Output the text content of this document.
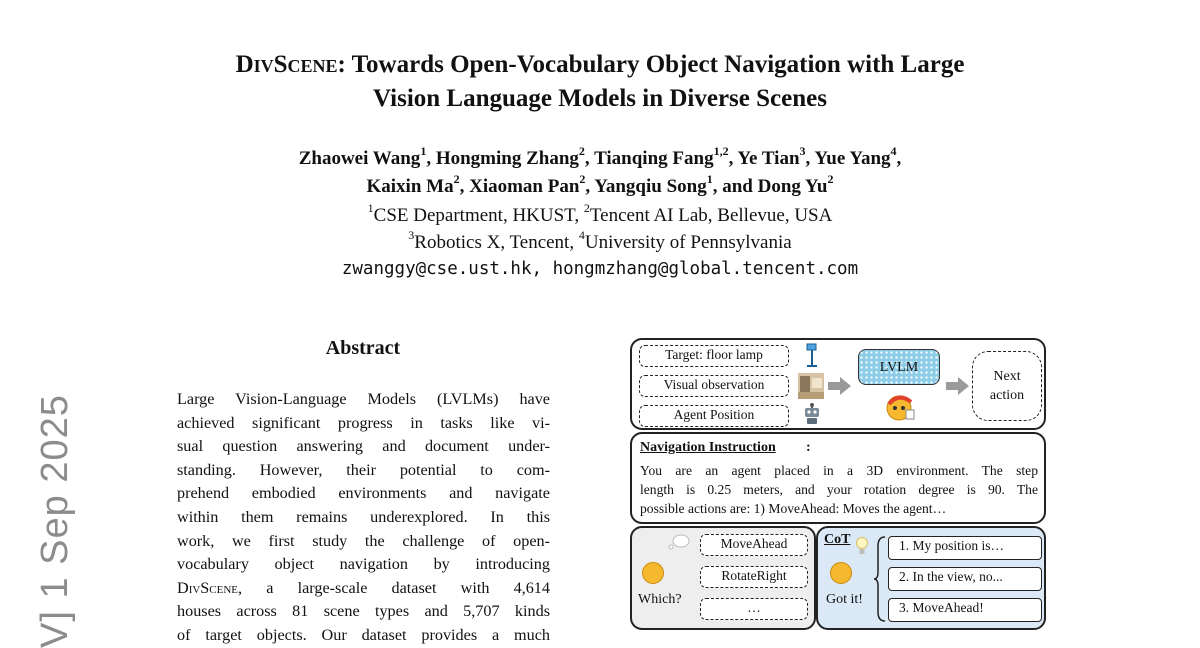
DivScene: Towards Open-Vocabulary Object Navigation with Large
Vision Language Models in Diverse Scenes
Zhaowei Wang$^1$, Hongming Zhang$^2$, Tianqing Fang$^{1,2}$, Ye Tian$^3$, Yue Yang$^4$,
Kaixin Ma$^2$, Xiaoman Pan$^2$, Yangqiu Song$^1$, and Dong Yu$^2$
$^1$CSE Department, HKUST, $^2$Tencent AI Lab, Bellevue, USA
$^3$Robotics X, Tencent, $^4$University of Pennsylvania
zwanggy@cse.ust.hk, hongmzhang@global.tencent.com
V] 1 Sep 2025
Abstract
Large Vision-Language Models (LVLMs) have
achieved significant progress in tasks like vi-
sual question answering and document under-
standing. However, their potential to com-
prehend embodied environments and navigate
within them remains underexplored. In this
work, we first study the challenge of open-
vocabulary object navigation by introducing
DivScene, a large-scale dataset with 4,614
houses across 81 scene types and 5,707 kinds
of target objects. Our dataset provides a much
Target: floor lamp
Visual observation
Agent Position
LVLM
Next
action
Navigation Instruction :
You are an agent placed in a 3D environment. The step
length is 0.25 meters, and your rotation degree is 90. The
possible actions are: 1) MoveAhead: Moves the agent…
Which?
MoveAhead
RotateRight
…
CoT
Got it!
1. My position is…
2. In the view, no...
3. MoveAhead!
